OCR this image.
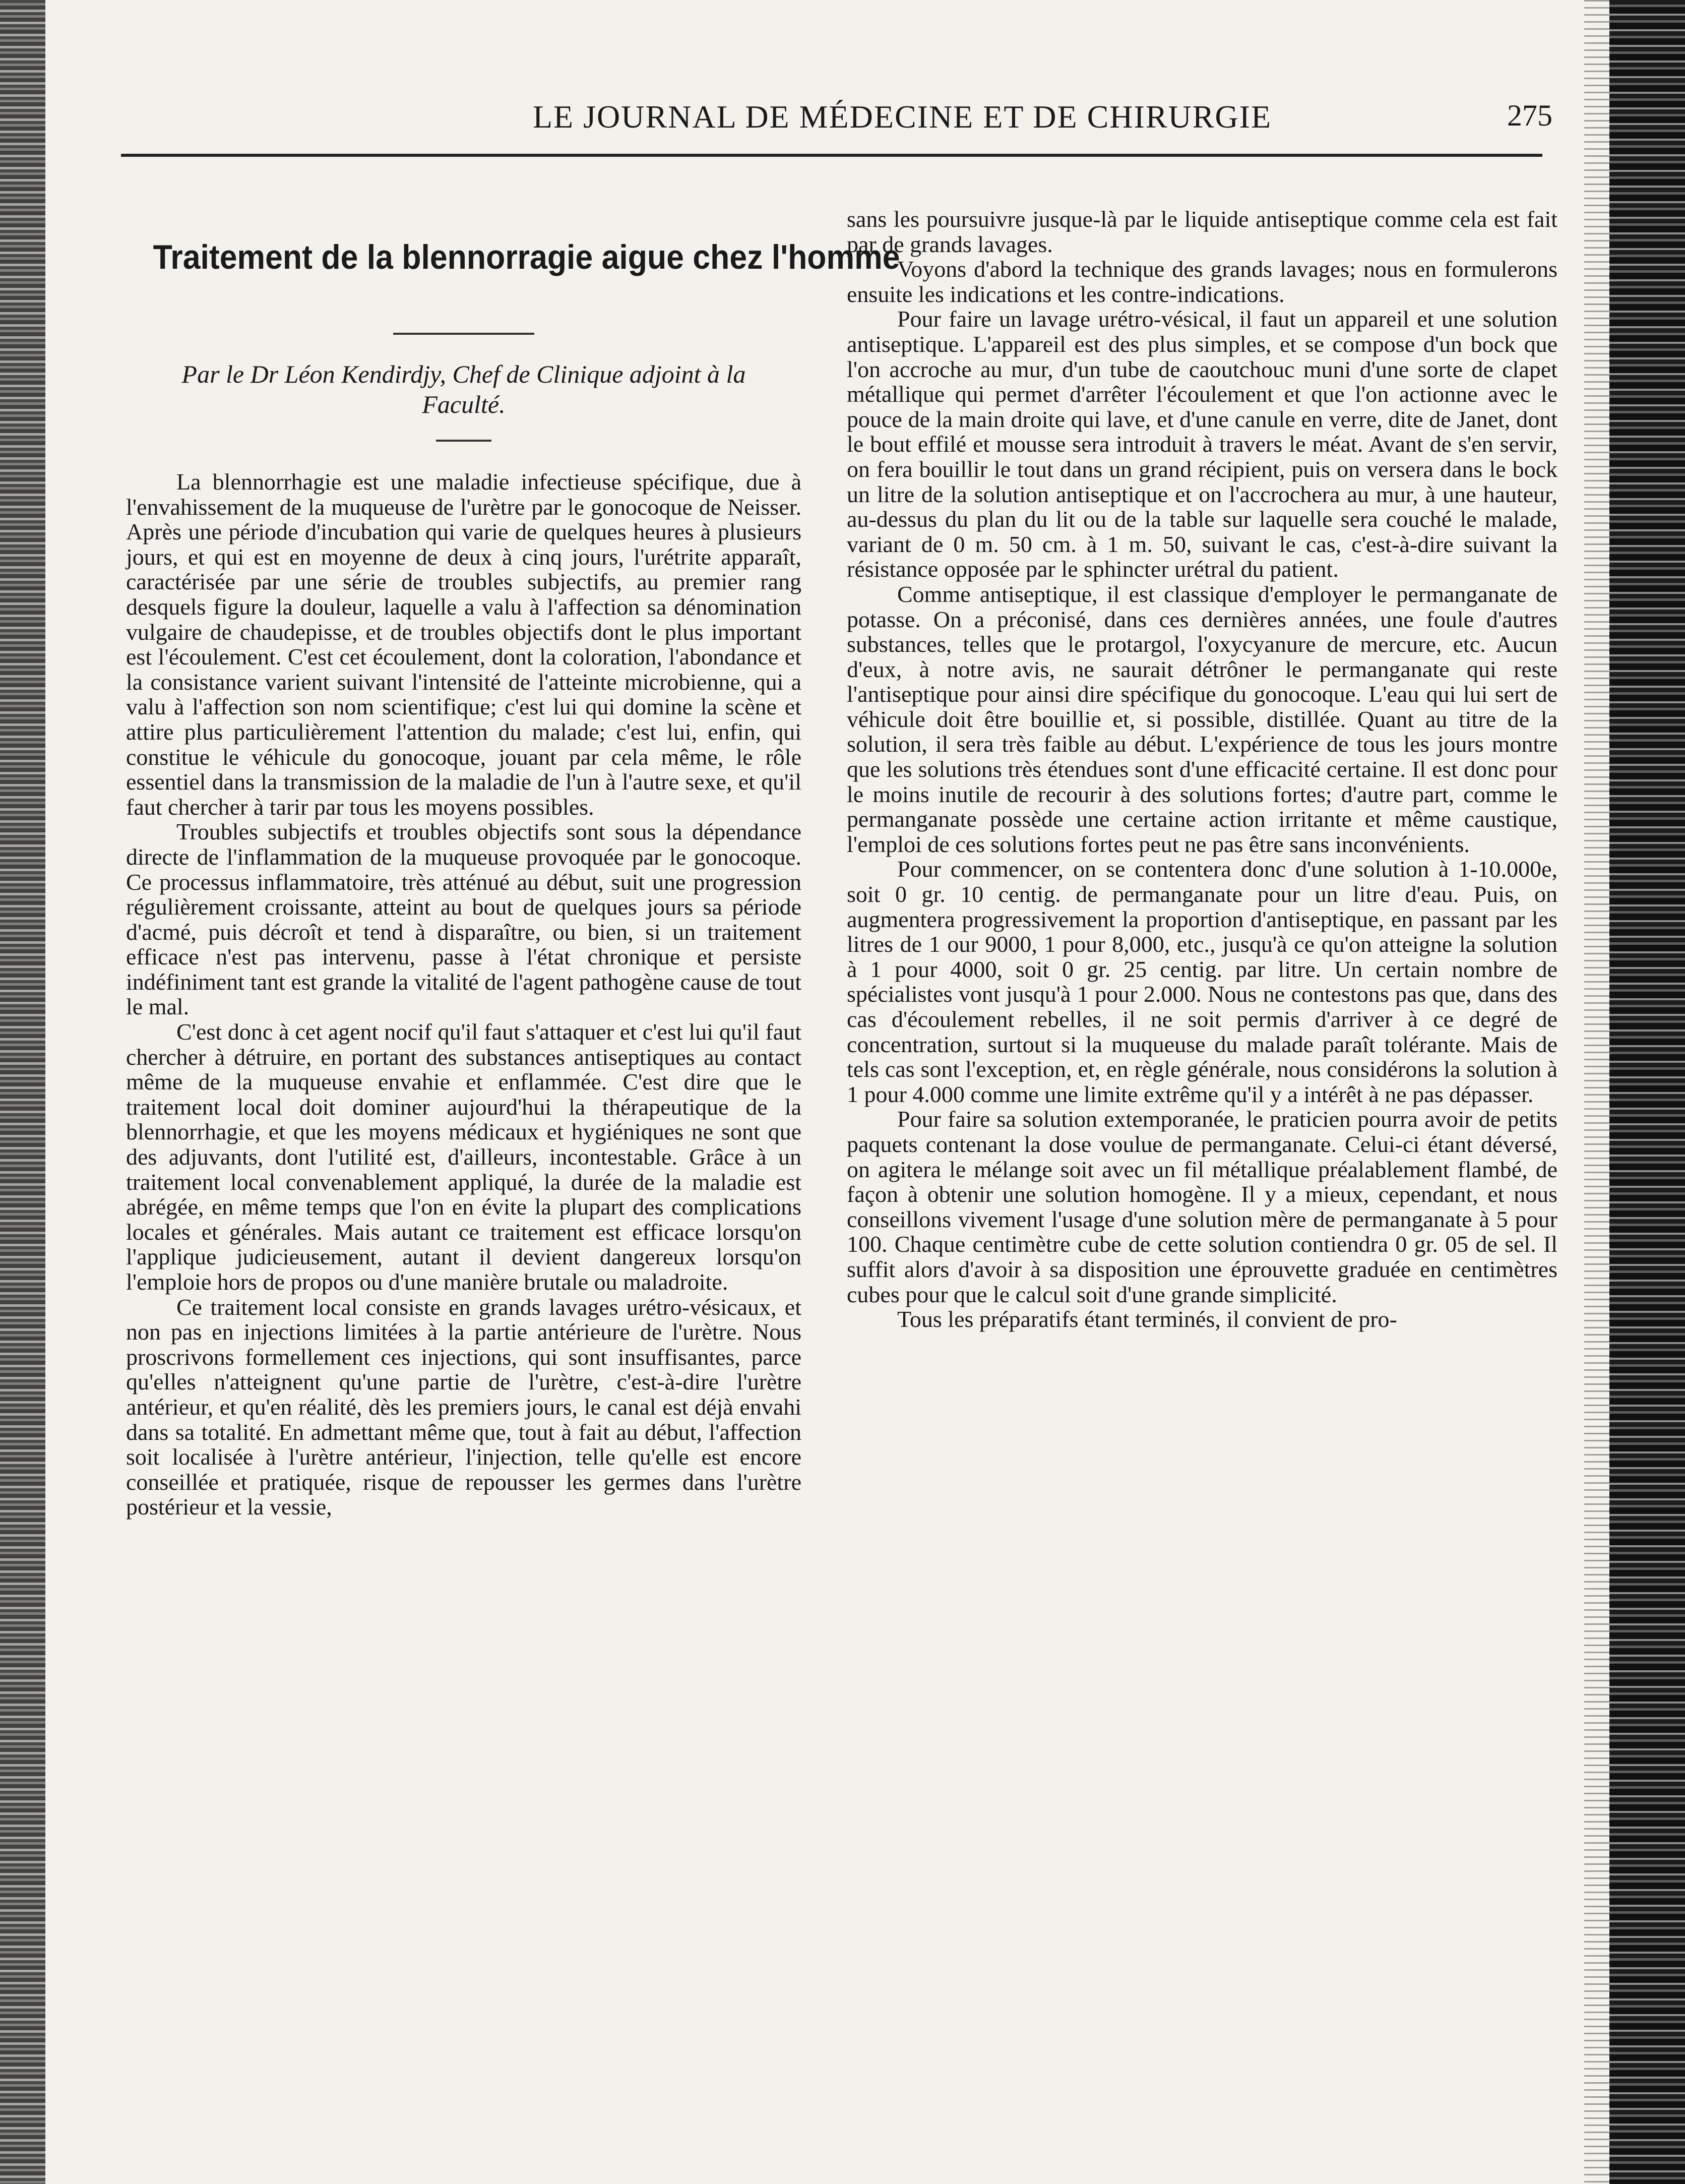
LE JOURNAL DE MÉDECINE ET DE CHIRURGIE	275
Traitement de la blennorragie aigue chez l'homme
Par le Dr Léon Kendirdjy, Chef de Clinique adjoint à la Faculté.

La blennorrhagie est une maladie infectieuse spécifique, due à l'envahissement de la muqueuse de l'urètre par le gonocoque de Neisser. Après une période d'incubation qui varie de quelques heures à plusieurs jours, et qui est en moyenne de deux à cinq jours, l'urétrite apparaît, caractérisée par une série de troubles subjectifs, au premier rang desquels figure la douleur, laquelle a valu à l'affection sa dénomination vulgaire de chaudepisse, et de troubles objectifs dont le plus important est l'écoulement. C'est cet écoulement, dont la coloration, l'abondance et la consistance varient suivant l'intensité de l'atteinte microbienne, qui a valu à l'affection son nom scientifique; c'est lui qui domine la scène et attire plus particulièrement l'attention du malade; c'est lui, enfin, qui constitue le véhicule du gonocoque, jouant par cela même, le rôle essentiel dans la transmission de la maladie de l'un à l'autre sexe, et qu'il faut chercher à tarir par tous les moyens possibles.

Troubles subjectifs et troubles objectifs sont sous la dépendance directe de l'inflammation de la muqueuse provoquée par le gonocoque. Ce processus inflammatoire, très atténué au début, suit une progression régulièrement croissante, atteint au bout de quelques jours sa période d'acmé, puis décroît et tend à disparaître, ou bien, si un traitement efficace n'est pas intervenu, passe à l'état chronique et persiste indéfiniment tant est grande la vitalité de l'agent pathogène cause de tout le mal.

C'est donc à cet agent nocif qu'il faut s'attaquer et c'est lui qu'il faut chercher à détruire, en portant des substances antiseptiques au contact même de la muqueuse envahie et enflammée. C'est dire que le traitement local doit dominer aujourd'hui la thérapeutique de la blennorrhagie, et que les moyens médicaux et hygiéniques ne sont que des adjuvants, dont l'utilité est, d'ailleurs, incontestable. Grâce à un traitement local convenablement appliqué, la durée de la maladie est abrégée, en même temps que l'on en évite la plupart des complications locales et générales. Mais autant ce traitement est efficace lorsqu'on l'applique judicieusement, autant il devient dangereux lorsqu'on l'emploie hors de propos ou d'une manière brutale ou maladroite.

Ce traitement local consiste en grands lavages urétro-vésicaux, et non pas en injections limitées à la partie antérieure de l'urètre. Nous proscrivons formellement ces injections, qui sont insuffisantes, parce qu'elles n'atteignent qu'une partie de l'urètre, c'est-à-dire l'urètre antérieur, et qu'en réalité, dès les premiers jours, le canal est déjà envahi dans sa totalité. En admettant même que, tout à fait au début, l'affection soit localisée à l'urètre antérieur, l'injection, telle qu'elle est encore conseillée et pratiquée, risque de repousser les germes dans l'urètre postérieur et la vessie,

sans les poursuivre jusque-là par le liquide antiseptique comme cela est fait par de grands lavages.

Voyons d'abord la technique des grands lavages; nous en formulerons ensuite les indications et les contre-indications.

Pour faire un lavage urétro-vésical, il faut un appareil et une solution antiseptique. L'appareil est des plus simples, et se compose d'un bock que l'on accroche au mur, d'un tube de caoutchouc muni d'une sorte de clapet métallique qui permet d'arrêter l'écoulement et que l'on actionne avec le pouce de la main droite qui lave, et d'une canule en verre, dite de Janet, dont le bout effilé et mousse sera introduit à travers le méat. Avant de s'en servir, on fera bouillir le tout dans un grand récipient, puis on versera dans le bock un litre de la solution antiseptique et on l'accrochera au mur, à une hauteur, au-dessus du plan du lit ou de la table sur laquelle sera couché le malade, variant de 0 m. 50 cm. à 1 m. 50, suivant le cas, c'est-à-dire suivant la résistance opposée par le sphincter urétral du patient.

Comme antiseptique, il est classique d'employer le permanganate de potasse. On a préconisé, dans ces dernières années, une foule d'autres substances, telles que le protargol, l'oxycyanure de mercure, etc. Aucun d'eux, à notre avis, ne saurait détrôner le permanganate qui reste l'antiseptique pour ainsi dire spécifique du gonocoque. L'eau qui lui sert de véhicule doit être bouillie et, si possible, distillée. Quant au titre de la solution, il sera très faible au début. L'expérience de tous les jours montre que les solutions très étendues sont d'une efficacité certaine. Il est donc pour le moins inutile de recourir à des solutions fortes; d'autre part, comme le permanganate possède une certaine action irritante et même caustique, l'emploi de ces solutions fortes peut ne pas être sans inconvénients.

Pour commencer, on se contentera donc d'une solution à 1-10.000e, soit 0 gr. 10 centig. de permanganate pour un litre d'eau. Puis, on augmentera progressivement la proportion d'antiseptique, en passant par les litres de 1 our 9000, 1 pour 8,000, etc., jusqu'à ce qu'on atteigne la solution à 1 pour 4000, soit 0 gr. 25 centig. par litre. Un certain nombre de spécialistes vont jusqu'à 1 pour 2.000. Nous ne contestons pas que, dans des cas d'écoulement rebelles, il ne soit permis d'arriver à ce degré de concentration, surtout si la muqueuse du malade paraît tolérante. Mais de tels cas sont l'exception, et, en règle générale, nous considérons la solution à 1 pour 4.000 comme une limite extrême qu'il y a intérêt à ne pas dépasser.

Pour faire sa solution extemporanée, le praticien pourra avoir de petits paquets contenant la dose voulue de permanganate. Celui-ci étant déversé, on agitera le mélange soit avec un fil métallique préalablement flambé, de façon à obtenir une solution homogène. Il y a mieux, cependant, et nous conseillons vivement l'usage d'une solution mère de permanganate à 5 pour 100. Chaque centimètre cube de cette solution contiendra 0 gr. 05 de sel. Il suffit alors d'avoir à sa disposition une éprouvette graduée en centimètres cubes pour que le calcul soit d'une grande simplicité.

Tous les préparatifs étant terminés, il convient de pro-
